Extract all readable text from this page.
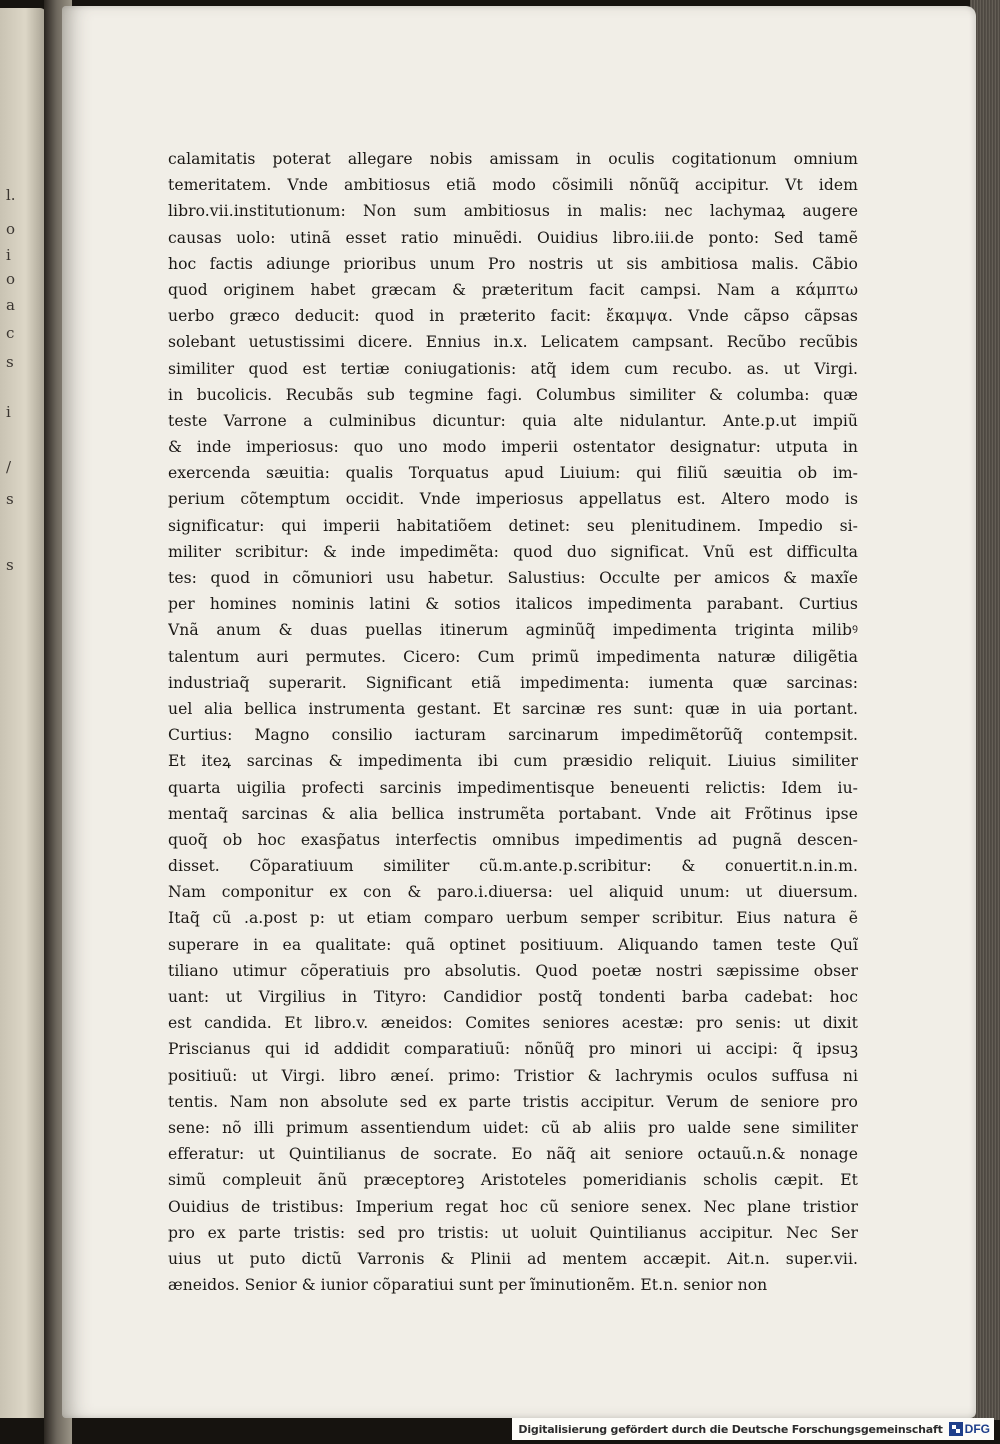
l.
o
i
o
a
c
s
i
/
s
s
calamitatis poterat allegare nobis amissam in oculis cogitationum omnium
temeritatem. Vnde ambitiosus etiã modo cõsimili nõnũq̃ accipitur. Vt idem
libro.vii.institutionum: Non sum ambitiosus in malis: nec lachymaꝝ augere
causas uolo: utinã esset ratio minuẽdi. Ouidius libro.iii.de ponto: Sed tamẽ
hoc factis adiunge prioribus unum Pro nostris ut sis ambitiosa malis. Cãbio
quod originem habet græcam & præteritum facit campsi. Nam a κάμπτω
uerbo græco deducit: quod in præterito facit: ἔκαμψα. Vnde cãpso cãpsas
solebant uetustissimi dicere. Ennius in.x. Lelicatem campsant. Recũbo recũbis
similiter quod est tertiæ coniugationis: atq̃ idem cum recubo. as. ut Virgi.
in bucolicis. Recubãs sub tegmine fagi. Columbus similiter & columba: quæ
teste Varrone a culminibus dicuntur: quia alte nidulantur. Ante.p.ut impiũ
& inde imperiosus: quo uno modo imperii ostentator designatur: utputa in
exercenda sæuitia: qualis Torquatus apud Liuium: qui filiũ sæuitia ob im-
perium cõtemptum occidit. Vnde imperiosus appellatus est. Altero modo is
significatur: qui imperii habitatiõem detinet: seu plenitudinem. Impedio si-
militer scribitur: & inde impedimẽta: quod duo significat. Vnũ est difficulta
tes: quod in cõmuniori usu habetur. Salustius: Occulte per amicos & maxĩe
per homines nominis latini & sotios italicos impedimenta parabant. Curtius
Vnã anum & duas puellas itinerum agminũq̃ impedimenta triginta milibꝰ
talentum auri permutes. Cicero: Cum primũ impedimenta naturæ diligẽtia
industriaq̃ superarit. Significant etiã impedimenta: iumenta quæ sarcinas:
uel alia bellica instrumenta gestant. Et sarcinæ res sunt: quæ in uia portant.
Curtius: Magno consilio iacturam sarcinarum impedimẽtorũq̃ contempsit.
Et iteꝝ sarcinas & impedimenta ibi cum præsidio reliquit. Liuius similiter
quarta uigilia profecti sarcinis impedimentisque beneuenti relictis: Idem iu-
mentaq̃ sarcinas & alia bellica instrumẽta portabant. Vnde ait Frõtinus ipse
quoq̃ ob hoc exasp̃atus interfectis omnibus impedimentis ad pugnã descen-
disset. Cõparatiuum similiter cũ.m.ante.p.scribitur: & conuertit.n.in.m.
Nam componitur ex con & paro.i.diuersa: uel aliquid unum: ut diuersum.
Itaq̃ cũ .a.post p: ut etiam comparo uerbum semper scribitur. Eius natura ẽ
superare in ea qualitate: quã optinet positiuum. Aliquando tamen teste Quĩ
tiliano utimur cõperatiuis pro absolutis. Quod poetæ nostri sæpissime obser
uant: ut Virgilius in Tityro: Candidior postq̃ tondenti barba cadebat: hoc
est candida. Et libro.v. æneidos: Comites seniores acestæ: pro senis: ut dixit
Priscianus qui id addidit comparatiuũ: nõnũq̃ pro minori ui accipi: q̃ ipsuꝫ
positiuũ: ut Virgi. libro æneí. primo: Tristior & lachrymis oculos suffusa ni
tentis. Nam non absolute sed ex parte tristis accipitur. Verum de seniore pro
sene: nõ illi primum assentiendum uidet: cũ ab aliis pro ualde sene similiter
efferatur: ut Quintilianus de socrate. Eo nãq̃ ait seniore octauũ.n.& nonage
simũ compleuit ãnũ præceptoreꝫ Aristoteles pomeridianis scholis cæpit. Et
Ouidius de tristibus: Imperium regat hoc cũ seniore senex. Nec plane tristior
pro ex parte tristis: sed pro tristis: ut uoluit Quintilianus accipitur. Nec Ser
uius ut puto dictũ Varronis & Plinii ad mentem accæpit. Ait.n. super.vii.
æneidos. Senior & iunior cõparatiui sunt per ĩminutionẽm. Et.n. senior non
Digitalisierung gefördert durch die Deutsche Forschungsgemeinschaft DFG
